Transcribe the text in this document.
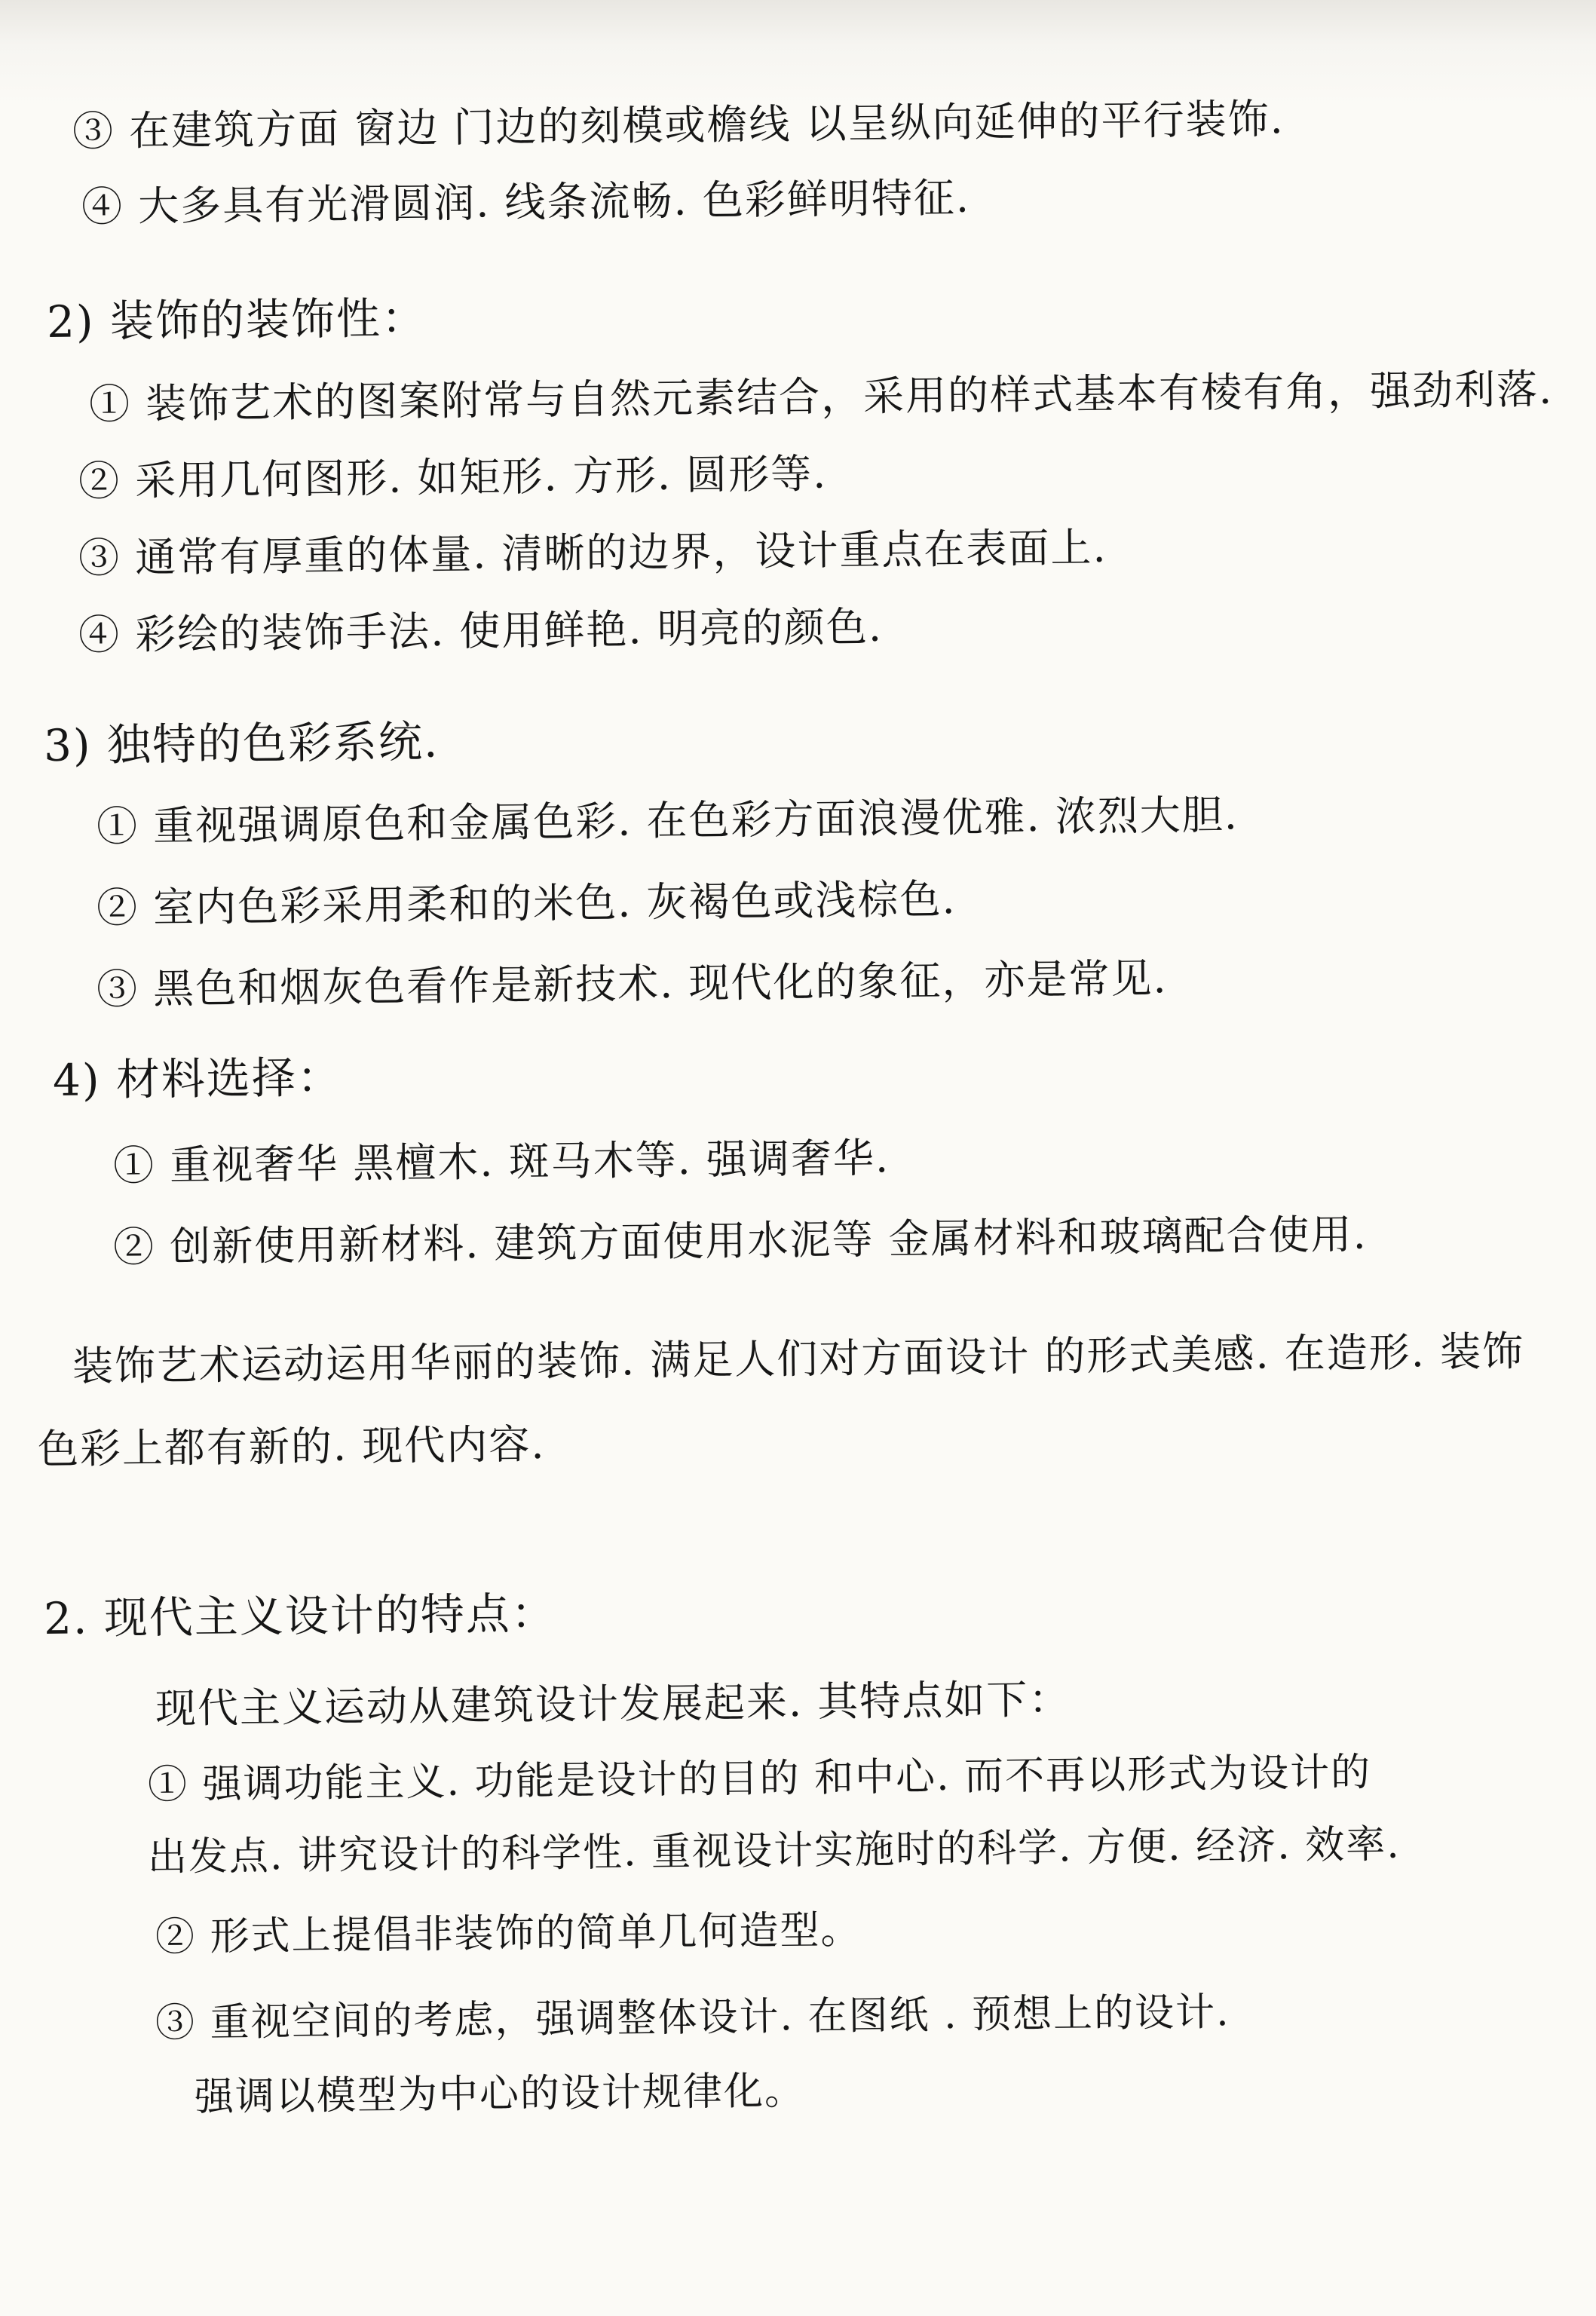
③ 在建筑方面 窗边 门边的刻模或檐线 以呈纵向延伸的平行装饰.
④ 大多具有光滑圆润. 线条流畅. 色彩鲜明特征.
2) 装饰的装饰性：
① 装饰艺术的图案附常与自然元素结合，采用的样式基本有棱有角，强劲利落.
② 采用几何图形. 如矩形. 方形. 圆形等.
③ 通常有厚重的体量. 清晰的边界，设计重点在表面上.
④ 彩绘的装饰手法. 使用鲜艳. 明亮的颜色.
3) 独特的色彩系统.
① 重视强调原色和金属色彩. 在色彩方面浪漫优雅. 浓烈大胆.
② 室内色彩采用柔和的米色. 灰褐色或浅棕色.
③ 黑色和烟灰色看作是新技术. 现代化的象征，亦是常见.
4) 材料选择：
① 重视奢华 黑檀木. 斑马木等. 强调奢华.
② 创新使用新材料. 建筑方面使用水泥等 金属材料和玻璃配合使用.
装饰艺术运动运用华丽的装饰. 满足人们对方面设计 的形式美感. 在造形. 装饰
色彩上都有新的. 现代内容.
2. 现代主义设计的特点：
现代主义运动从建筑设计发展起来. 其特点如下：
① 强调功能主义. 功能是设计的目的 和中心. 而不再以形式为设计的
出发点. 讲究设计的科学性. 重视设计实施时的科学. 方便. 经济. 效率.
② 形式上提倡非装饰的简单几何造型。
③ 重视空间的考虑，强调整体设计. 在图纸 . 预想上的设计.
强调以模型为中心的设计规律化。
